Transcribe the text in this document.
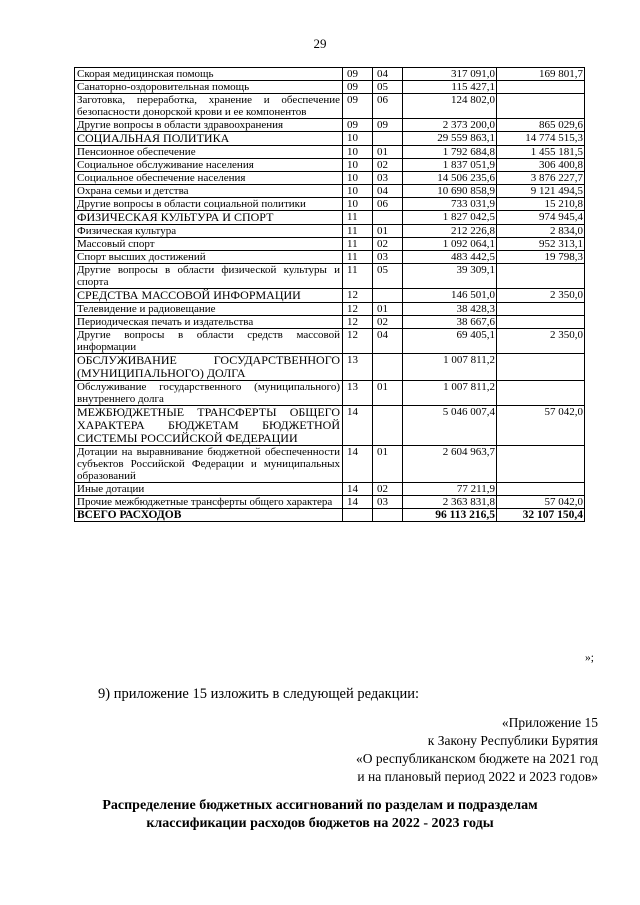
29
Скорая медицинская помощь	09	04	317 091,0	169 801,7
Санаторно-оздоровительная помощь	09	05	115 427,1	
Заготовка, переработка, хранение и обеспечение безопасности донорской крови и ее компонентов	09	06	124 802,0	
Другие вопросы в области здравоохранения	09	09	2 373 200,0	865 029,6
СОЦИАЛЬНАЯ ПОЛИТИКА	10		29 559 863,1	14 774 515,3
Пенсионное обеспечение	10	01	1 792 684,8	1 455 181,5
Социальное обслуживание населения	10	02	1 837 051,9	306 400,8
Социальное обеспечение населения	10	03	14 506 235,6	3 876 227,7
Охрана семьи и детства	10	04	10 690 858,9	9 121 494,5
Другие вопросы в области социальной политики	10	06	733 031,9	15 210,8
ФИЗИЧЕСКАЯ КУЛЬТУРА И СПОРТ	11		1 827 042,5	974 945,4
Физическая культура	11	01	212 226,8	2 834,0
Массовый спорт	11	02	1 092 064,1	952 313,1
Спорт высших достижений	11	03	483 442,5	19 798,3
Другие вопросы в области физической культуры и спорта	11	05	39 309,1	
СРЕДСТВА МАССОВОЙ ИНФОРМАЦИИ	12		146 501,0	2 350,0
Телевидение и радиовещание	12	01	38 428,3	
Периодическая печать и издательства	12	02	38 667,6	
Другие вопросы в области средств массовой информации	12	04	69 405,1	2 350,0
ОБСЛУЖИВАНИЕ ГОСУДАРСТВЕННОГО (МУНИЦИПАЛЬНОГО) ДОЛГА	13		1 007 811,2	
Обслуживание государственного (муниципального) внутреннего долга	13	01	1 007 811,2	
МЕЖБЮДЖЕТНЫЕ ТРАНСФЕРТЫ ОБЩЕГО ХАРАКТЕРА БЮДЖЕТАМ БЮДЖЕТНОЙ СИСТЕМЫ РОССИЙСКОЙ ФЕДЕРАЦИИ	14		5 046 007,4	57 042,0
Дотации на выравнивание бюджетной обеспеченности субъектов Российской Федерации и муниципальных образований	14	01	2 604 963,7	
Иные дотации	14	02	77 211,9	
Прочие межбюджетные трансферты общего характера	14	03	2 363 831,8	57 042,0
ВСЕГО РАСХОДОВ			96 113 216,5	32 107 150,4
»;
9) приложение 15 изложить в следующей редакции:
«Приложение 15
к Закону Республики Бурятия
«О республиканском бюджете на 2021 год
и на плановый период 2022 и 2023 годов»
Распределение бюджетных ассигнований по разделам и подразделам
классификации расходов бюджетов на 2022 - 2023 годы
